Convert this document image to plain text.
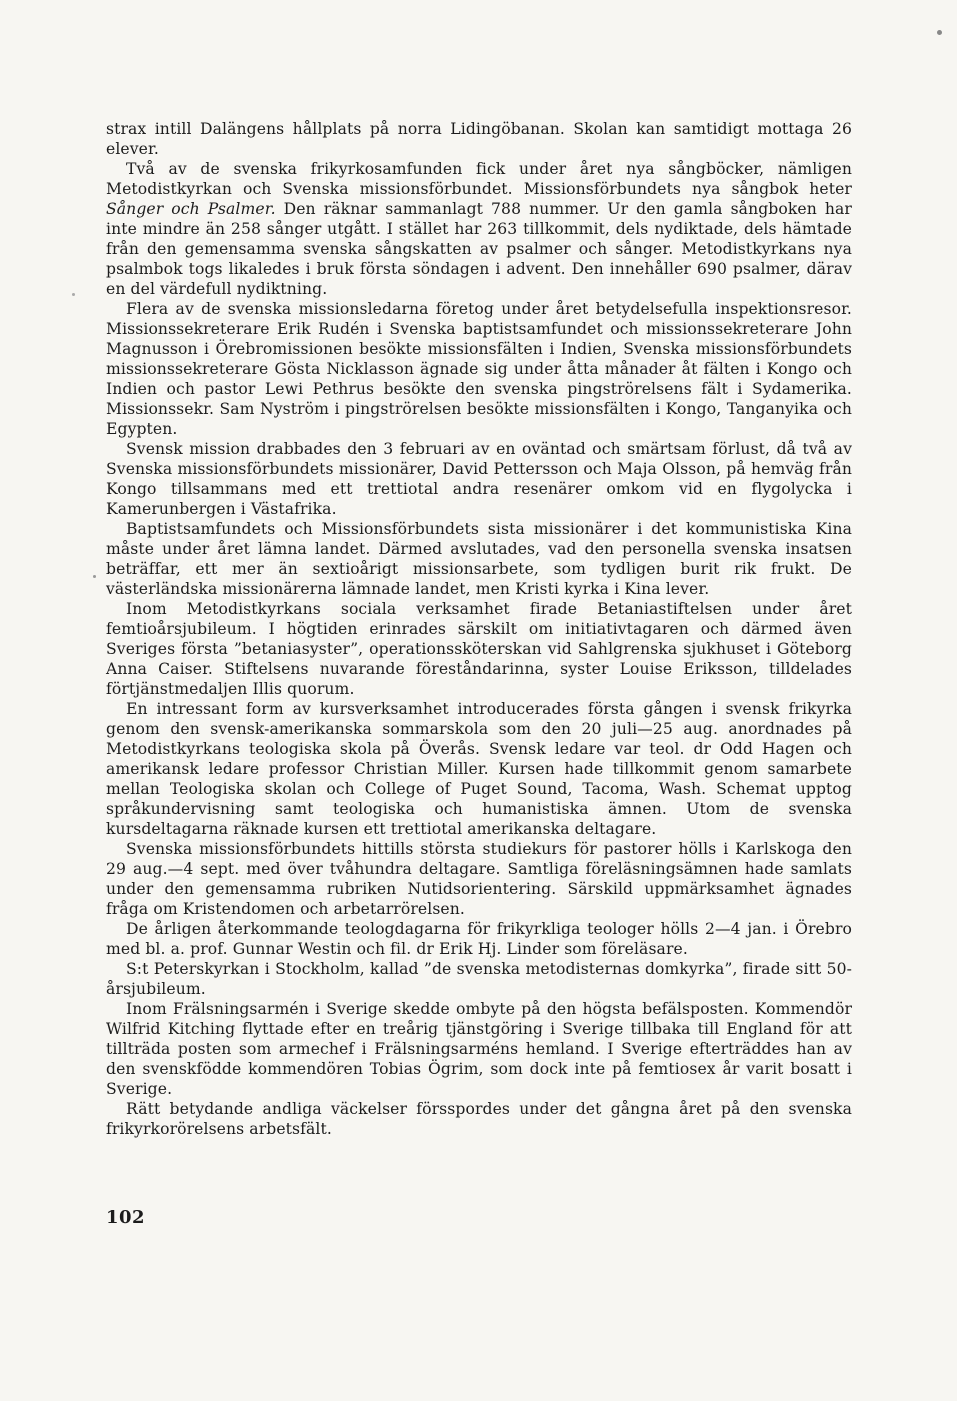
strax intill Dalängens hållplats på norra Lidingöbanan. Skolan kan samtidigt mottaga 26 elever.

Två av de svenska frikyrkosamfunden fick under året nya sångböcker, nämligen Metodistkyrkan och Svenska missionsförbundet. Missionsförbundets nya sångbok heter Sånger och Psalmer. Den räknar sammanlagt 788 nummer. Ur den gamla sångboken har inte mindre än 258 sånger utgått. I stället har 263 tillkommit, dels nydiktade, dels hämtade från den gemensamma svenska sångskatten av psalmer och sånger. Metodistkyrkans nya psalmbok togs likaledes i bruk första söndagen i advent. Den innehåller 690 psalmer, därav en del värdefull nydiktning.

Flera av de svenska missionsledarna företog under året betydelsefulla inspektionsresor. Missionssekreterare Erik Rudén i Svenska baptistsamfundet och missionssekreterare John Magnusson i Örebromissionen besökte missionsfälten i Indien, Svenska missionsförbundets missionssekreterare Gösta Nicklasson ägnade sig under åtta månader åt fälten i Kongo och Indien och pastor Lewi Pethrus besökte den svenska pingströrelsens fält i Sydamerika. Missionssekr. Sam Nyström i pingströrelsen besökte missionsfälten i Kongo, Tanganyika och Egypten.

Svensk mission drabbades den 3 februari av en oväntad och smärtsam förlust, då två av Svenska missionsförbundets missionärer, David Pettersson och Maja Olsson, på hemväg från Kongo tillsammans med ett trettiotal andra resenärer omkom vid en flygolycka i Kamerunbergen i Västafrika.

Baptistsamfundets och Missionsförbundets sista missionärer i det kommunistiska Kina måste under året lämna landet. Därmed avslutades, vad den personella svenska insatsen beträffar, ett mer än sextioårigt missionsarbete, som tydligen burit rik frukt. De västerländska missionärerna lämnade landet, men Kristi kyrka i Kina lever.

Inom Metodistkyrkans sociala verksamhet firade Betaniastiftelsen under året femtioårsjubileum. I högtiden erinrades särskilt om initiativtagaren och därmed även Sveriges första ”betaniasyster”, operationssköterskan vid Sahlgrenska sjukhuset i Göteborg Anna Caiser. Stiftelsens nuvarande föreståndarinna, syster Louise Eriksson, tilldelades förtjänstmedaljen Illis quorum.

En intressant form av kursverksamhet introducerades första gången i svensk frikyrka genom den svensk-amerikanska sommarskola som den 20 juli—25 aug. anordnades på Metodistkyrkans teologiska skola på Överås. Svensk ledare var teol. dr Odd Hagen och amerikansk ledare professor Christian Miller. Kursen hade tillkommit genom samarbete mellan Teologiska skolan och College of Puget Sound, Tacoma, Wash. Schemat upptog språkundervisning samt teologiska och humanistiska ämnen. Utom de svenska kursdeltagarna räknade kursen ett trettiotal amerikanska deltagare.

Svenska missionsförbundets hittills största studiekurs för pastorer hölls i Karlskoga den 29 aug.—4 sept. med över tvåhundra deltagare. Samtliga föreläsningsämnen hade samlats under den gemensamma rubriken Nutidsorientering. Särskild uppmärksamhet ägnades fråga om Kristendomen och arbetarrörelsen.

De årligen återkommande teologdagarna för frikyrkliga teologer hölls 2—4 jan. i Örebro med bl. a. prof. Gunnar Westin och fil. dr Erik Hj. Linder som föreläsare.

S:t Peterskyrkan i Stockholm, kallad ”de svenska metodisternas domkyrka”, firade sitt 50-årsjubileum.

Inom Frälsningsarmén i Sverige skedde ombyte på den högsta befälsposten. Kommendör Wilfrid Kitching flyttade efter en treårig tjänstgöring i Sverige tillbaka till England för att tillträda posten som armechef i Frälsningsarméns hemland. I Sverige efterträddes han av den svenskfödde kommendören Tobias Ögrim, som dock inte på femtiosex år varit bosatt i Sverige.

Rätt betydande andliga väckelser försspordes under det gångna året på den svenska frikyrkorörelsens arbetsfält.

102
